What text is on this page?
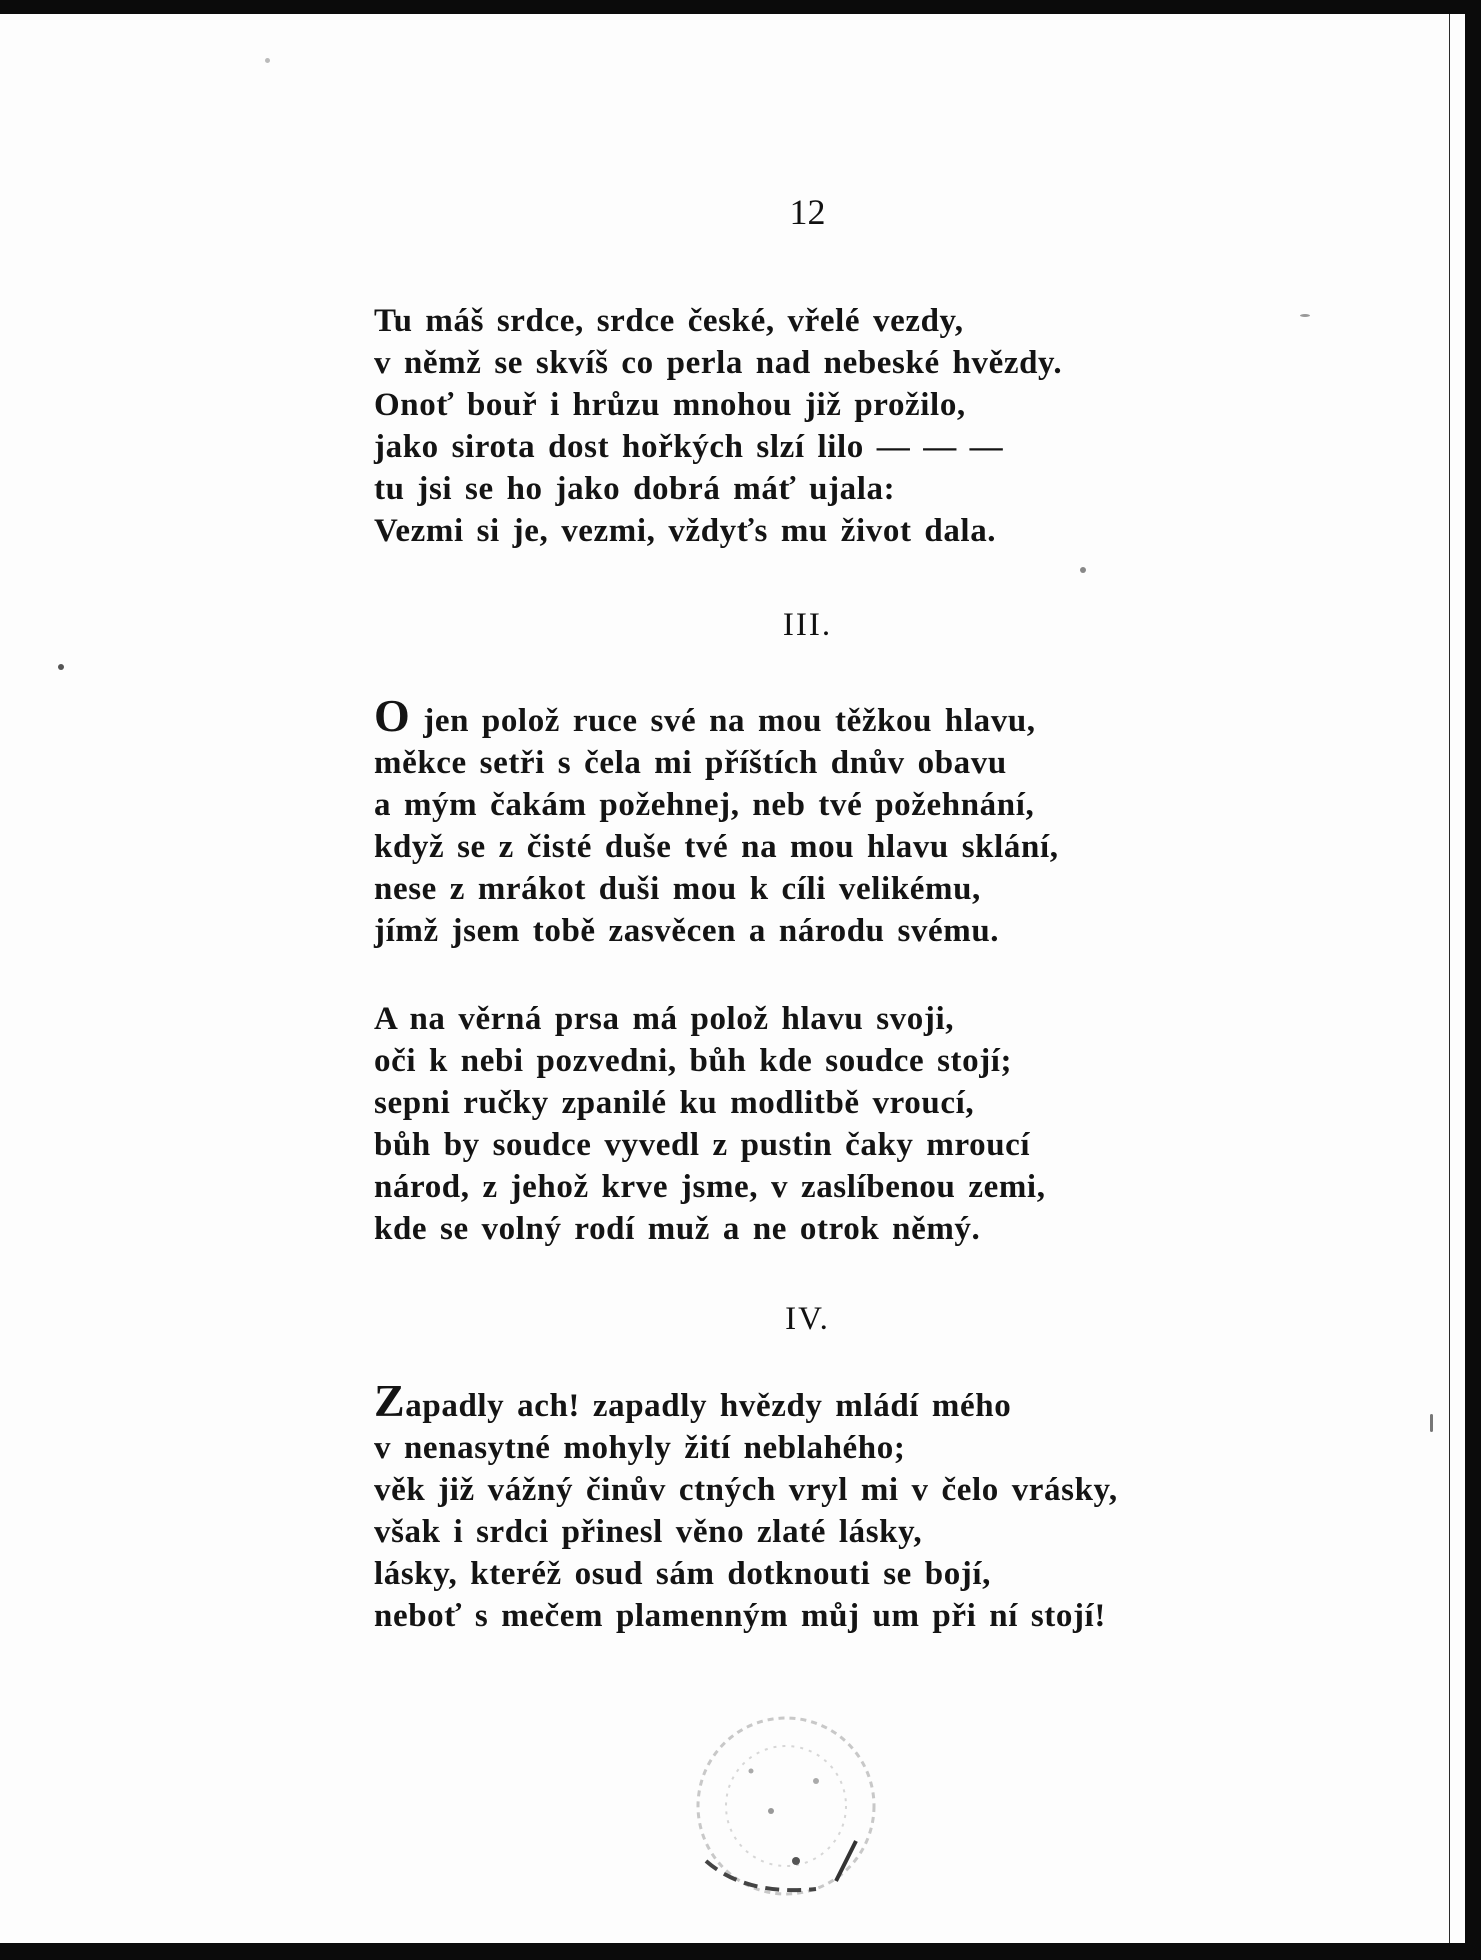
12
Tu máš srdce, srdce české, vřelé vezdy,
v němž se skvíš co perla nad nebeské hvězdy.
Onoť bouř i hrůzu mnohou již prožilo,
jako sirota dost hořkých slzí lilo — — —
tu jsi se ho jako dobrá máť ujala:
Vezmi si je, vezmi, vždyťs mu život dala.
III.
O jen polož ruce své na mou těžkou hlavu,
měkce setři s čela mi příštích dnův obavu
a mým čakám požehnej, neb tvé požehnání,
když se z čisté duše tvé na mou hlavu sklání,
nese z mrákot duši mou k cíli velikému,
jímž jsem tobě zasvěcen a národu svému.
A na věrná prsa má polož hlavu svoji,
oči k nebi pozvedni, bůh kde soudce stojí;
sepni ručky zpanilé ku modlitbě vroucí,
bůh by soudce vyvedl z pustin čaky mroucí
národ, z jehož krve jsme, v zaslíbenou zemi,
kde se volný rodí muž a ne otrok němý.
IV.
Zapadly ach! zapadly hvězdy mládí mého
v nenasytné mohyly žití neblahého;
věk již vážný činův ctných vryl mi v čelo vrásky,
však i srdci přinesl věno zlaté lásky,
lásky, kteréž osud sám dotknouti se bojí,
neboť s mečem plamenným můj um při ní stojí!
